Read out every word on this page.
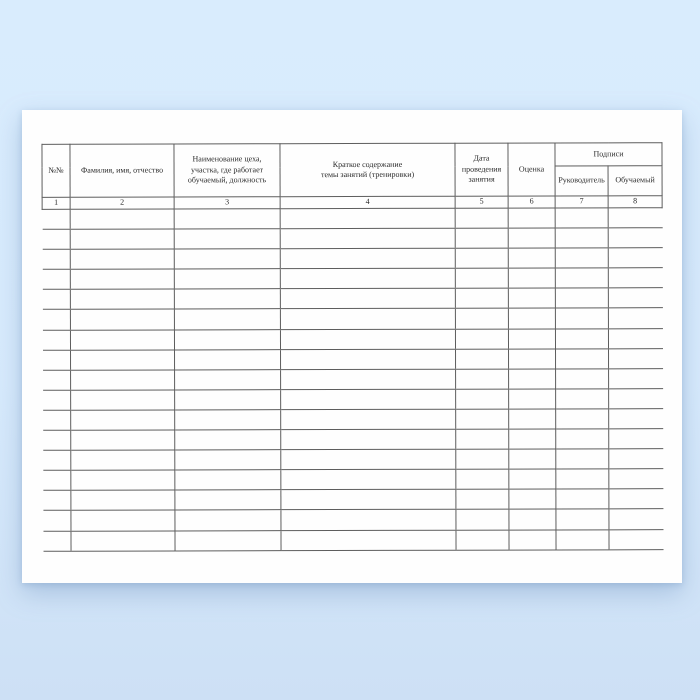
№№	Фамилия, имя, отчество	Наименование цеха,
участка, где работает
обучаемый, должность	Краткое содержание
темы занятий (тренировки)	Дата
проведения
занятия	Оценка	Подписи	
						Руководитель	Обучаемый
1	2	3	4	5	6	7	8
